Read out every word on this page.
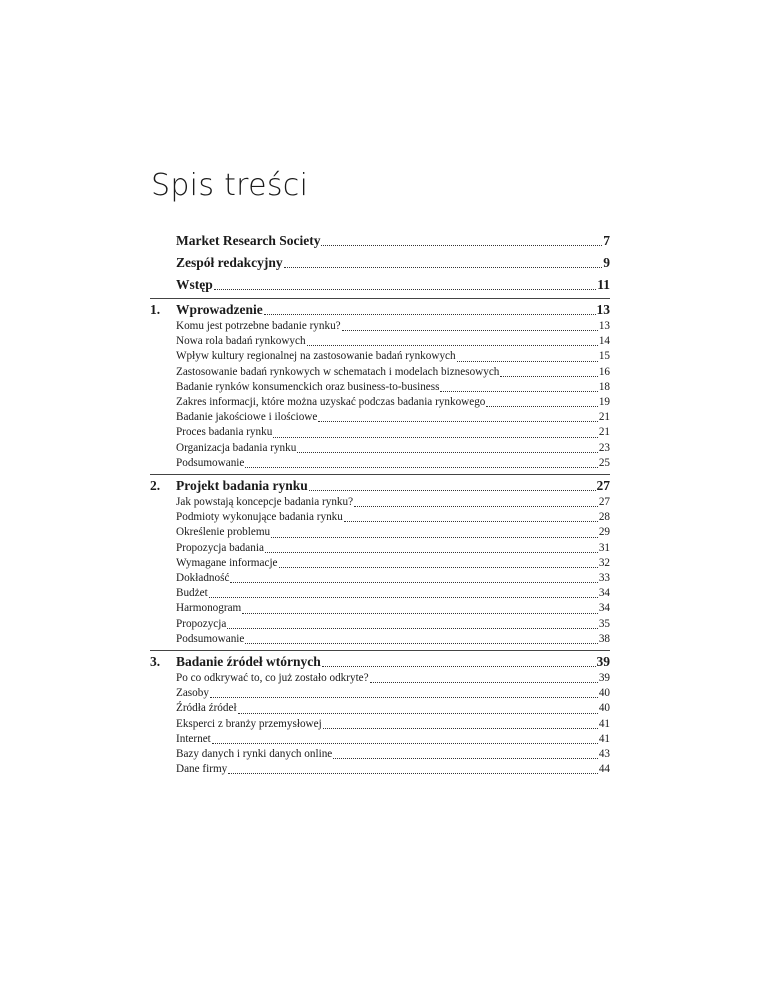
Spis treści
Market Research Society	7
Zespół redakcyjny	9
Wstęp	11
1. Wprowadzenie	13
Komu jest potrzebne badanie rynku?	13
Nowa rola badań rynkowych	14
Wpływ kultury regionalnej na zastosowanie badań rynkowych	15
Zastosowanie badań rynkowych w schematach i modelach biznesowych	16
Badanie rynków konsumenckich oraz business-to-business	18
Zakres informacji, które można uzyskać podczas badania rynkowego	19
Badanie jakościowe i ilościowe	21
Proces badania rynku	21
Organizacja badania rynku	23
Podsumowanie	25
2. Projekt badania rynku	27
Jak powstają koncepcje badania rynku?	27
Podmioty wykonujące badania rynku	28
Określenie problemu	29
Propozycja badania	31
Wymagane informacje	32
Dokładność	33
Budżet	34
Harmonogram	34
Propozycja	35
Podsumowanie	38
3. Badanie źródeł wtórnych	39
Po co odkrywać to, co już zostało odkryte?	39
Zasoby	40
Źródła źródeł	40
Eksperci z branży przemysłowej	41
Internet	41
Bazy danych i rynki danych online	43
Dane firmy	44
